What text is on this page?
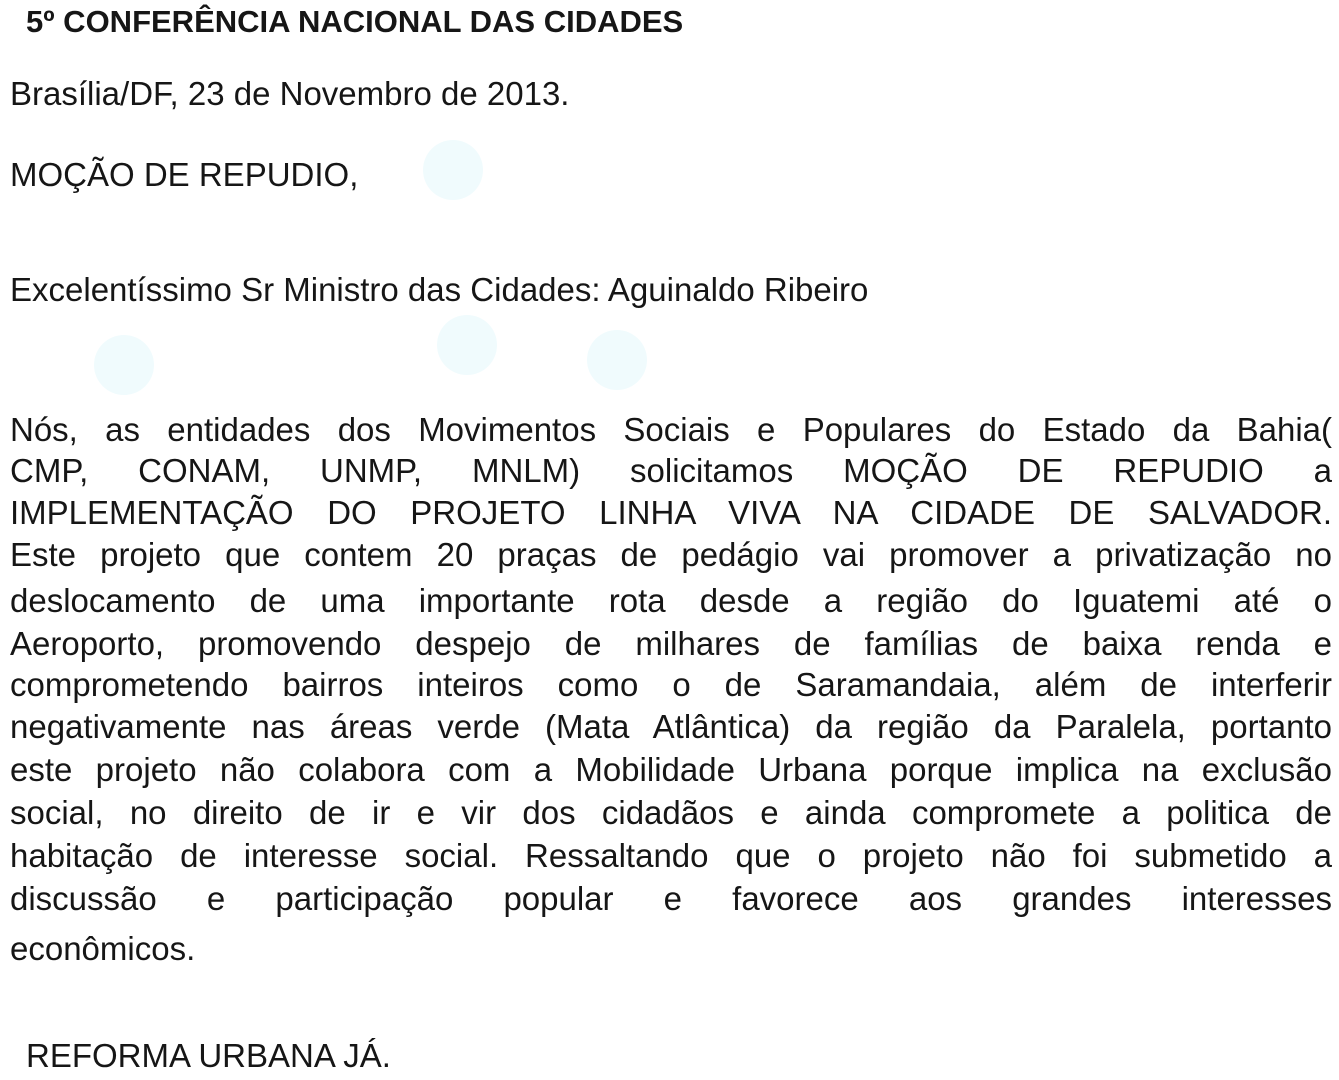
5º CONFERÊNCIA NACIONAL DAS CIDADES
Brasília/DF, 23 de Novembro de 2013.
MOÇÃO DE REPUDIO,
Excelentíssimo Sr Ministro das Cidades: Aguinaldo Ribeiro
Nós, as entidades dos Movimentos Sociais e Populares do Estado da Bahia(
CMP, CONAM, UNMP, MNLM) solicitamos MOÇÃO DE REPUDIO a
IMPLEMENTAÇÃO DO PROJETO LINHA VIVA NA CIDADE DE SALVADOR.
Este projeto que contem 20 praças de pedágio vai promover a privatização no
deslocamento de uma importante rota desde a região do Iguatemi até o
Aeroporto, promovendo despejo de milhares de famílias de baixa renda e
comprometendo bairros inteiros como o de Saramandaia, além de interferir
negativamente nas áreas verde (Mata Atlântica) da região da Paralela, portanto
este projeto não colabora com a Mobilidade Urbana porque implica na exclusão
social, no direito de ir e vir dos cidadãos e ainda compromete a politica de
habitação de interesse social. Ressaltando que o projeto não foi submetido a
discussão e participação popular e favorece aos grandes interesses
econômicos.
REFORMA URBANA JÁ.
